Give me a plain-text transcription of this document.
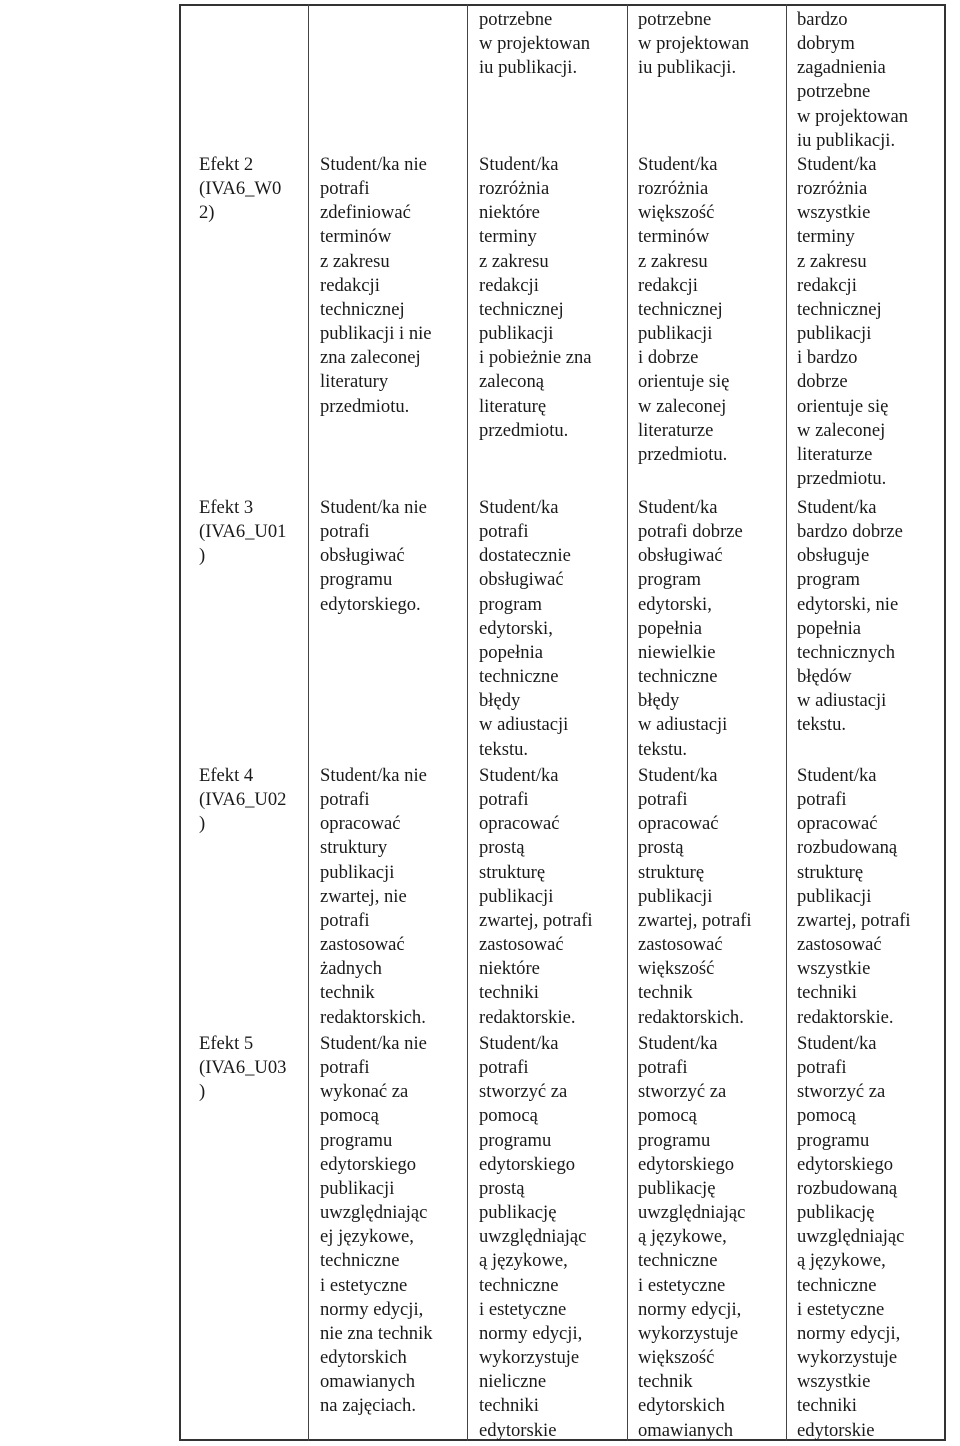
potrzebne
w projektowan
iu publikacji.
potrzebne
w projektowan
iu publikacji.
bardzo
dobrym
zagadnienia
potrzebne
w projektowan
iu publikacji.
Efekt 2
(IVA6_W0
2)
Student/ka nie
potrafi
zdefiniować
terminów
z zakresu
redakcji
technicznej
publikacji i nie
zna zaleconej
literatury
przedmiotu.
Student/ka
rozróżnia
niektóre
terminy
z zakresu
redakcji
technicznej
publikacji
i pobieżnie zna
zaleconą
literaturę
przedmiotu.
Student/ka
rozróżnia
większość
terminów
z zakresu
redakcji
technicznej
publikacji
i dobrze
orientuje się
w zaleconej
literaturze
przedmiotu.
Student/ka
rozróżnia
wszystkie
terminy
z zakresu
redakcji
technicznej
publikacji
i bardzo
dobrze
orientuje się
w zaleconej
literaturze
przedmiotu.
Efekt 3
(IVA6_U01
)
Student/ka nie
potrafi
obsługiwać
programu
edytorskiego.
Student/ka
potrafi
dostatecznie
obsługiwać
program
edytorski,
popełnia
techniczne
błędy
w adiustacji
tekstu.
Student/ka
potrafi dobrze
obsługiwać
program
edytorski,
popełnia
niewielkie
techniczne
błędy
w adiustacji
tekstu.
Student/ka
bardzo dobrze
obsługuje
program
edytorski, nie
popełnia
technicznych
błędów
w adiustacji
tekstu.
Efekt 4
(IVA6_U02
)
Student/ka nie
potrafi
opracować
struktury
publikacji
zwartej, nie
potrafi
zastosować
żadnych
technik
redaktorskich.
Student/ka
potrafi
opracować
prostą
strukturę
publikacji
zwartej, potrafi
zastosować
niektóre
techniki
redaktorskie.
Student/ka
potrafi
opracować
prostą
strukturę
publikacji
zwartej, potrafi
zastosować
większość
technik
redaktorskich.
Student/ka
potrafi
opracować
rozbudowaną
strukturę
publikacji
zwartej, potrafi
zastosować
wszystkie
techniki
redaktorskie.
Efekt 5
(IVA6_U03
)
Student/ka nie
potrafi
wykonać za
pomocą
programu
edytorskiego
publikacji
uwzględniając
ej językowe,
techniczne
i estetyczne
normy edycji,
nie zna technik
edytorskich
omawianych
na zajęciach.
Student/ka
potrafi
stworzyć za
pomocą
programu
edytorskiego
prostą
publikację
uwzględniając
ą językowe,
techniczne
i estetyczne
normy edycji,
wykorzystuje
nieliczne
techniki
edytorskie
Student/ka
potrafi
stworzyć za
pomocą
programu
edytorskiego
publikację
uwzględniając
ą językowe,
techniczne
i estetyczne
normy edycji,
wykorzystuje
większość
technik
edytorskich
omawianych
Student/ka
potrafi
stworzyć za
pomocą
programu
edytorskiego
rozbudowaną
publikację
uwzględniając
ą językowe,
techniczne
i estetyczne
normy edycji,
wykorzystuje
wszystkie
techniki
edytorskie
